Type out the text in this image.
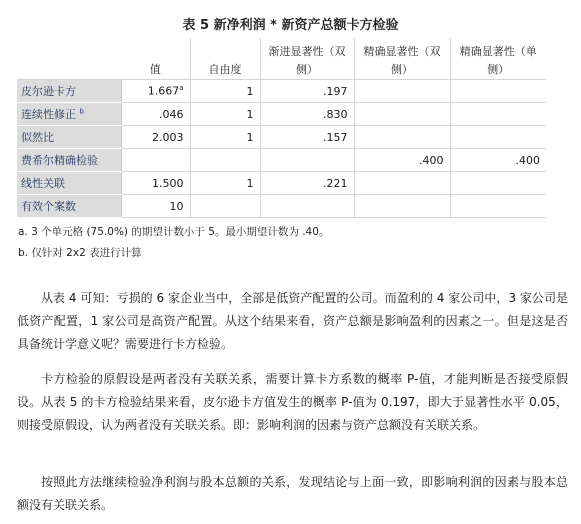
表 5 新净利润 * 新资产总额卡方检验
			渐进显著性（双	精确显著性（双	精确显著性（单
	值	自由度	侧）	侧）	侧）
皮尔逊卡方	1.667$^a$	1	.197		
连续性修正 $^b$	.046	1	.830		
似然比	2.003	1	.157		
费希尔精确检验				.400	.400
线性关联	1.500	1	.221		
有效个案数	10				
a. 3 个单元格 (75.0%) 的期望计数小于 5。最小期望计数为 .40。
b. 仅针对 2x2 表进行计算
从表 4 可知：亏损的 6 家企业当中，全部是低资产配置的公司。而盈利的 4 家公司中，3 家公司是低资产配置，1 家公司是高资产配置。从这个结果来看，资产总额是影响盈利的因素之一。但是这是否具备统计学意义呢？需要进行卡方检验。
卡方检验的原假设是两者没有关联关系，需要计算卡方系数的概率 P-值，才能判断是否接受原假设。从表 5 的卡方检验结果来看，皮尔逊卡方值发生的概率 P-值为 0.197，即大于显著性水平 0.05，则接受原假设，认为两者没有关联关系。即：影响利润的因素与资产总额没有关联关系。
按照此方法继续检验净利润与股本总额的关系，发现结论与上面一致，即影响利润的因素与股本总额没有关联关系。
